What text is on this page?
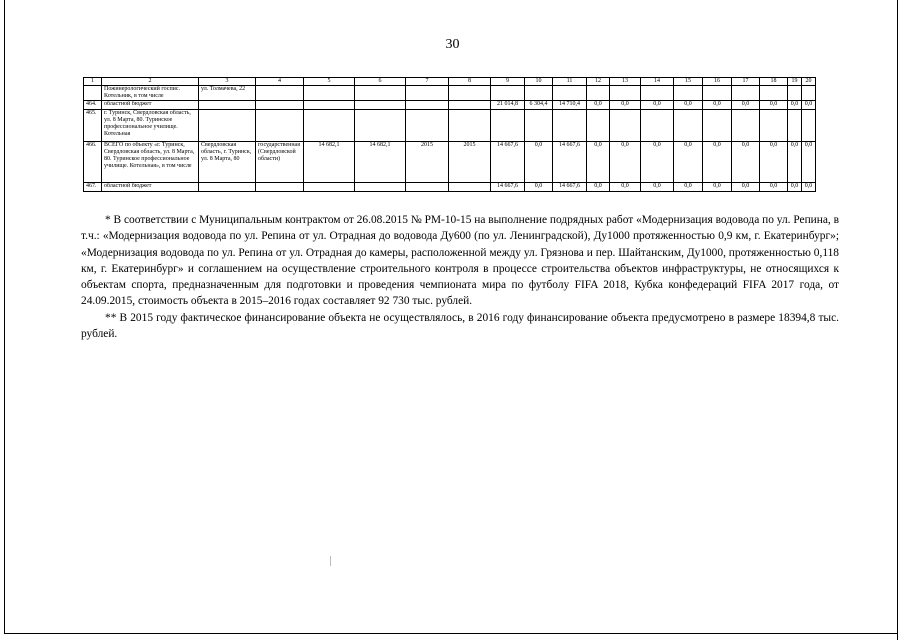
30
1	2	3	4	5	6	7	8	9	10	11	12	13	14	15	16	17	18	19	20
	Пожинерологический госпис. Котельник, в том числе	ул. Толмачева, 22																	
464.	областной бюджет							21 014,8	6 304,4	14 710,4	0,0	0,0	0,0	0,0	0,0	0,0	0,0	0,0	0,0
465.	г. Туринск, Свердловская область, ул. 8 Марта, 80. Туринское профессиональное училище. Котельная																		
466.	ВСЕГО по объекту «г. Туринск, Свердловская область, ул. 8 Марта, 80. Туринское профессиональное училище. Котельная», в том числе	Свердловская область, г. Туринск, ул. 8 Марта, 80	государственная (Свердловской области)	14 682,1	14 682,1	2015	2015	14 667,6	0,0	14 667,6	0,0	0,0	0,0	0,0	0,0	0,0	0,0	0,0	0,0
467.	областной бюджет							14 667,6	0,0	14 667,6	0,0	0,0	0,0	0,0	0,0	0,0	0,0	0,0	0,0

* В соответствии с Муниципальным контрактом от 26.08.2015 № РМ-10-15 на выполнение подрядных работ «Модернизация водовода по ул. Репина, в т.ч.: «Модернизация водовода по ул. Репина от ул. Отрадная до водовода Ду600 (по ул. Ленинградской), Ду1000 протяженностью 0,9 км, г. Екатеринбург»; «Модернизация водовода по ул. Репина от ул. Отрадная до камеры, расположенной между ул. Грязнова и пер. Шайтанским, Ду1000, протяженностью 0,118 км, г. Екатеринбург» и соглашением на осуществление строительного контроля в процессе строительства объектов инфраструктуры, не относящихся к объектам спорта, предназначенным для подготовки и проведения чемпионата мира по футболу FIFA 2018, Кубка конфедераций FIFA 2017 года, от 24.09.2015, стоимость объекта в 2015–2016 годах составляет 92 730 тыс. рублей.

** В 2015 году фактическое финансирование объекта не осуществлялось, в 2016 году финансирование объекта предусмотрено в размере 18394,8 тыс. рублей.
